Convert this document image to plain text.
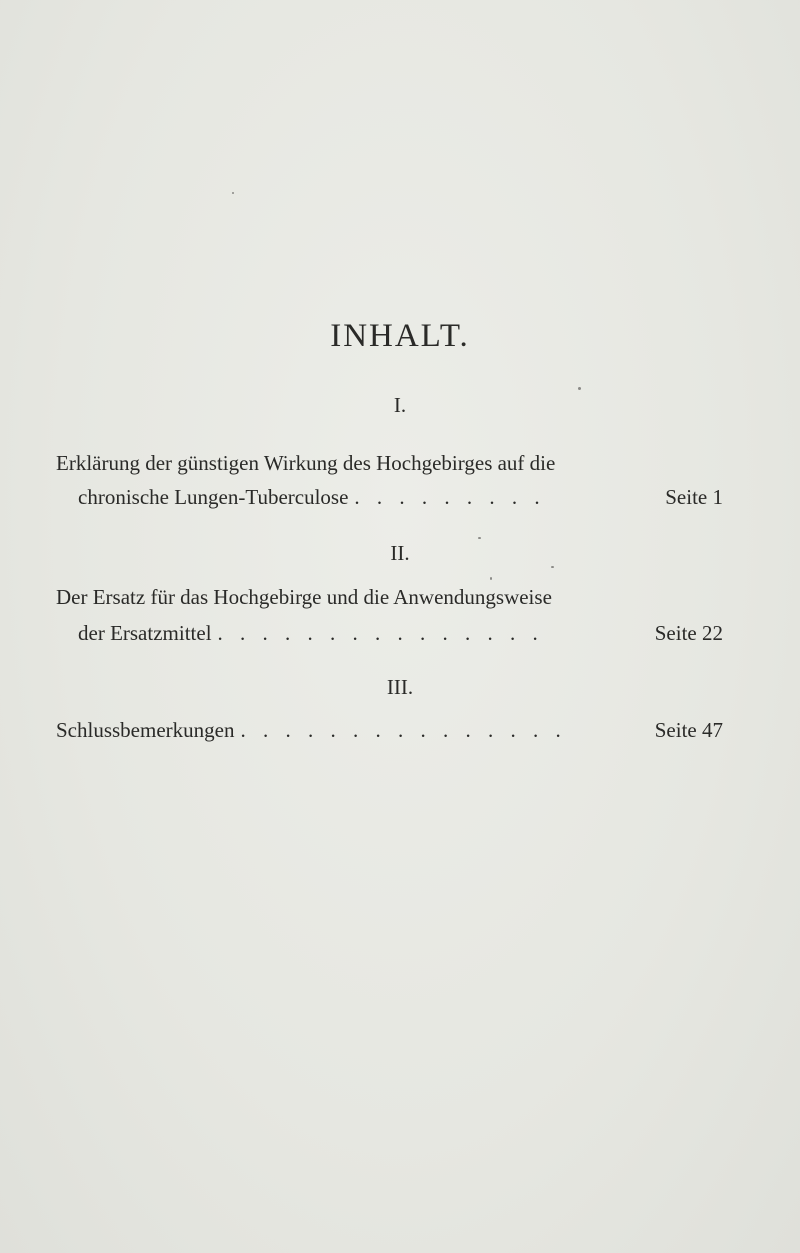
INHALT.
I.
Erklärung der günstigen Wirkung des Hochgebirges auf die
chronische Lungen-Tuberculose . . . . . . . . .	Seite 1
II.
Der Ersatz für das Hochgebirge und die Anwendungsweise
der Ersatzmittel . . . . . . . . . . . . . . .	Seite 22
III.
Schlussbemerkungen . . . . . . . . . . . . . . .	Seite 47
